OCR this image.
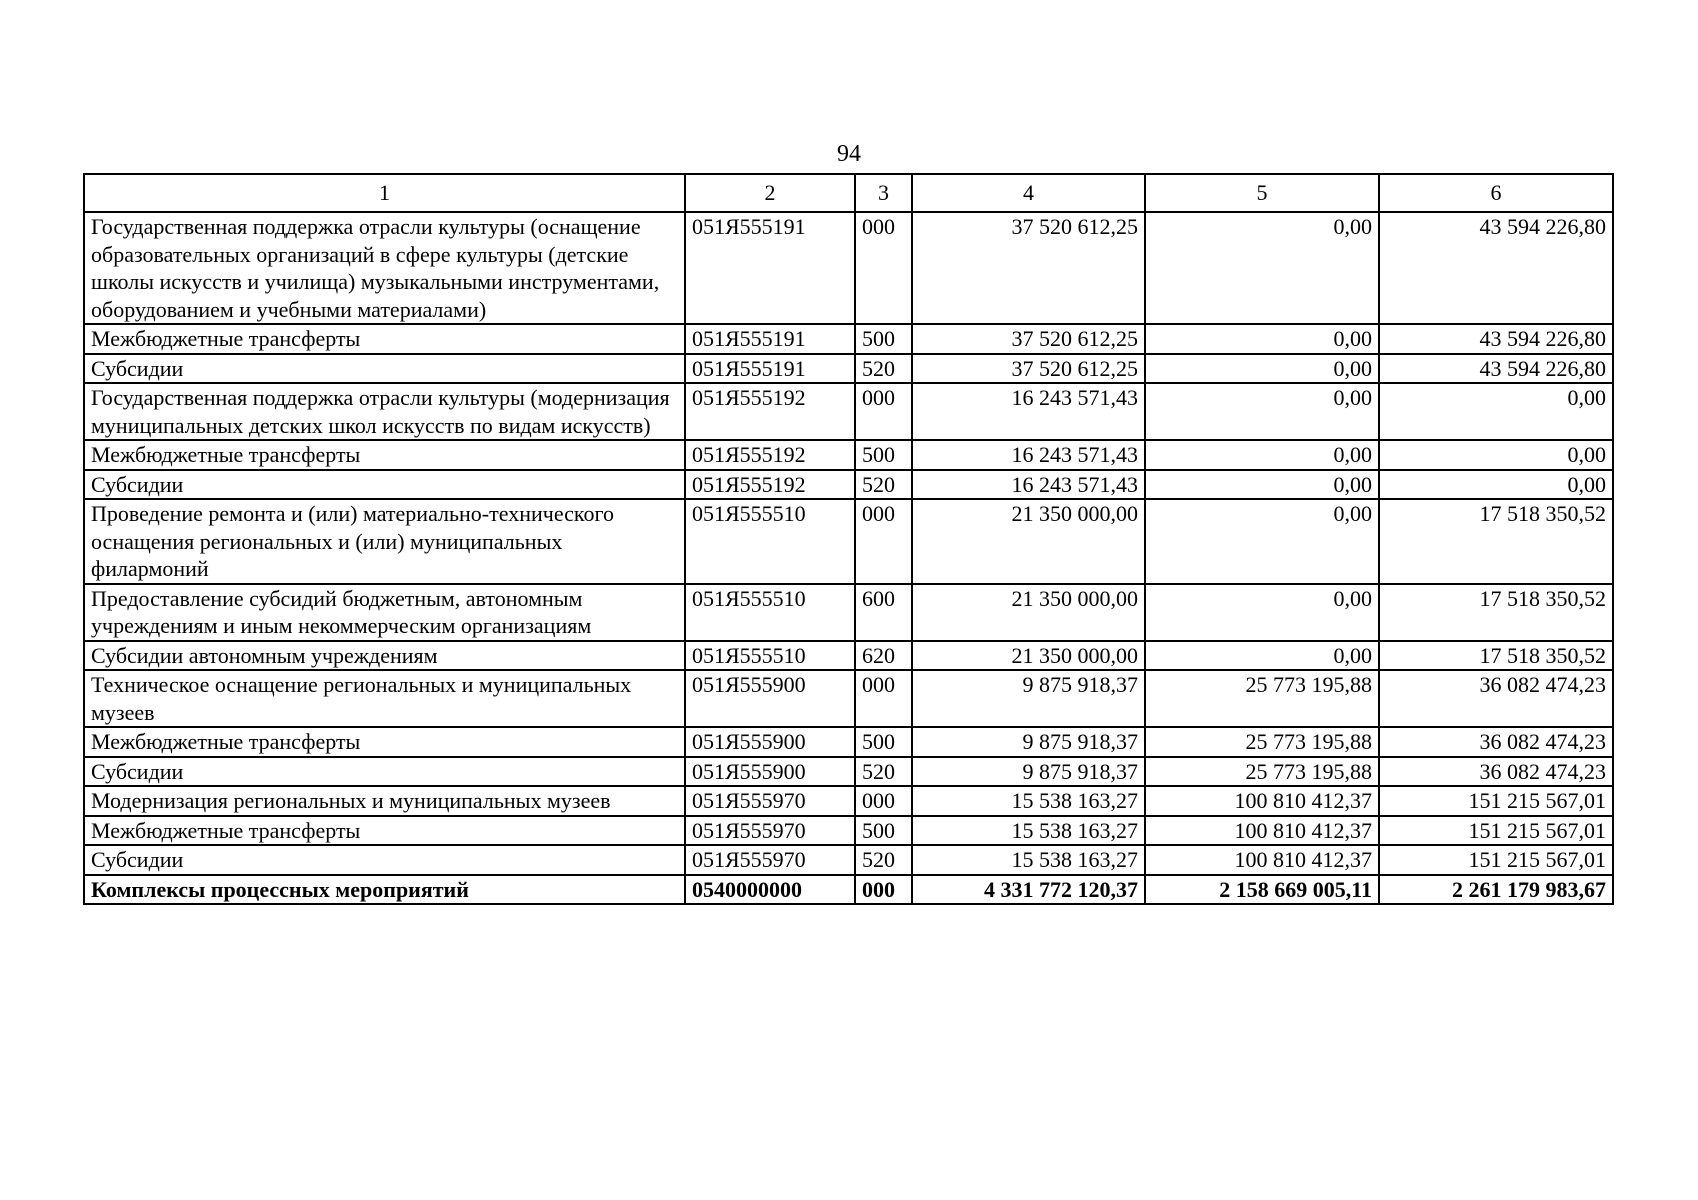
94
1	2	3	4	5	6
Государственная поддержка отрасли культуры (оснащение образовательных организаций в сфере культуры (детские школы искусств и училища) музыкальными инструментами, оборудованием и учебными материалами)	051Я555191	000	37 520 612,25	0,00	43 594 226,80
Межбюджетные трансферты	051Я555191	500	37 520 612,25	0,00	43 594 226,80
Субсидии	051Я555191	520	37 520 612,25	0,00	43 594 226,80
Государственная поддержка отрасли культуры (модернизация муниципальных детских школ искусств по видам искусств)	051Я555192	000	16 243 571,43	0,00	0,00
Межбюджетные трансферты	051Я555192	500	16 243 571,43	0,00	0,00
Субсидии	051Я555192	520	16 243 571,43	0,00	0,00
Проведение ремонта и (или) материально-технического оснащения региональных и (или) муниципальных филармоний	051Я555510	000	21 350 000,00	0,00	17 518 350,52
Предоставление субсидий бюджетным, автономным учреждениям и иным некоммерческим организациям	051Я555510	600	21 350 000,00	0,00	17 518 350,52
Субсидии автономным учреждениям	051Я555510	620	21 350 000,00	0,00	17 518 350,52
Техническое оснащение региональных и муниципальных музеев	051Я555900	000	9 875 918,37	25 773 195,88	36 082 474,23
Межбюджетные трансферты	051Я555900	500	9 875 918,37	25 773 195,88	36 082 474,23
Субсидии	051Я555900	520	9 875 918,37	25 773 195,88	36 082 474,23
Модернизация региональных и муниципальных музеев	051Я555970	000	15 538 163,27	100 810 412,37	151 215 567,01
Межбюджетные трансферты	051Я555970	500	15 538 163,27	100 810 412,37	151 215 567,01
Субсидии	051Я555970	520	15 538 163,27	100 810 412,37	151 215 567,01
Комплексы процессных мероприятий	0540000000	000	4 331 772 120,37	2 158 669 005,11	2 261 179 983,67
